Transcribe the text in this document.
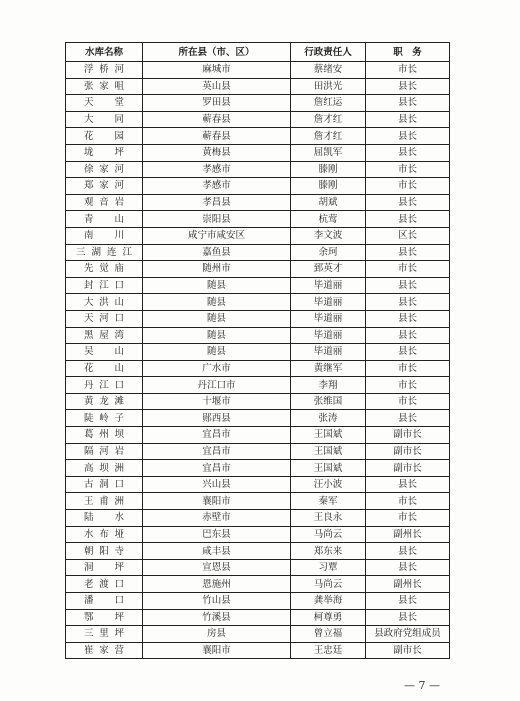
水库名称	所在县（市、区）	行政责任人	职　务
浮桥河	麻城市	蔡绪安	市长
张家咀	英山县	田洪光	县长
天堂	罗田县	詹红运	县长
大同	蕲春县	詹才红	县长
花园	蕲春县	詹才红	县长
垅坪	黄梅县	屈凯军	县长
徐家河	孝感市	滕刚	市长
郑家河	孝感市	滕刚	市长
观音岩	孝昌县	胡斌	县长
青山	崇阳县	杭莺	县长
南川	咸宁市咸安区	李文波	区长
三湖连江	嘉鱼县	余珂	县长
先觉庙	随州市	郅英才	市长
封江口	随县	毕道丽	县长
大洪山	随县	毕道丽	县长
天河口	随县	毕道丽	县长
黑屋湾	随县	毕道丽	县长
吴山	随县	毕道丽	县长
花山	广水市	黄继军	市长
丹江口	丹江口市	李翔	市长
黄龙滩	十堰市	张维国	市长
陡岭子	郧西县	张涛	县长
葛州坝	宜昌市	王国斌	副市长
隔河岩	宜昌市	王国斌	副市长
高坝洲	宜昌市	王国斌	副市长
古洞口	兴山县	汪小波	县长
王甫洲	襄阳市	秦军	市长
陆水	赤壁市	王良永	市长
水布垭	巴东县	马尚云	副州长
朝阳寺	咸丰县	郑东来	县长
洞坪	宣恩县	习覃	县长
老渡口	恩施州	马尚云	副州长
潘口	竹山县	龚举海	县长
鄂坪	竹溪县	柯尊勇	县长
三里坪	房县	曾立福	县政府党组成员
崔家营	襄阳市	王忠廷	副市长
— 7 —
